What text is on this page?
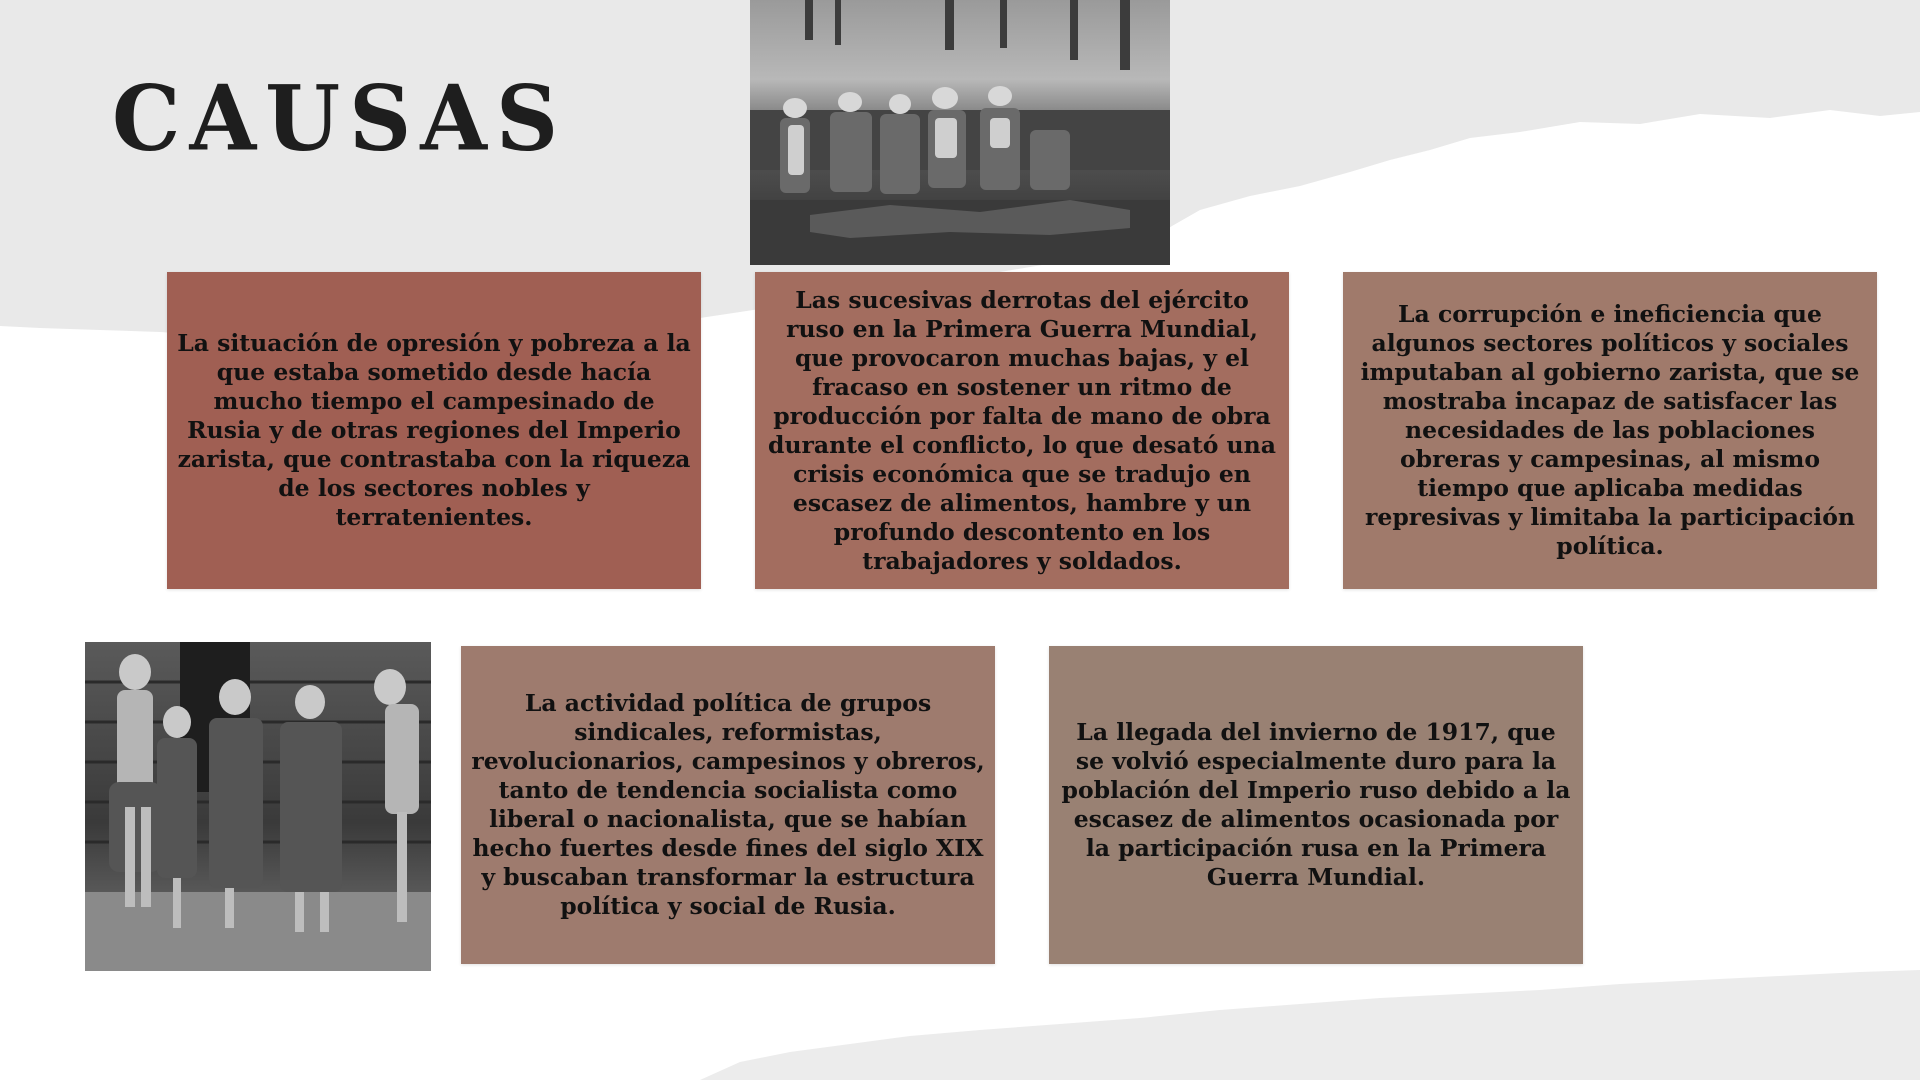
CAUSAS

La situación de opresión y pobreza a la que estaba sometido desde hacía mucho tiempo el campesinado de Rusia y de otras regiones del Imperio zarista, que contrastaba con la riqueza de los sectores nobles y terratenientes.

Las sucesivas derrotas del ejército ruso en la Primera Guerra Mundial, que provocaron muchas bajas, y el fracaso en sostener un ritmo de producción por falta de mano de obra durante el conflicto, lo que desató una crisis económica que se tradujo en escasez de alimentos, hambre y un profundo descontento en los trabajadores y soldados.

La corrupción e ineficiencia que algunos sectores políticos y sociales imputaban al gobierno zarista, que se mostraba incapaz de satisfacer las necesidades de las poblaciones obreras y campesinas, al mismo tiempo que aplicaba medidas represivas y limitaba la participación política.

La actividad política de grupos sindicales, reformistas, revolucionarios, campesinos y obreros, tanto de tendencia socialista como liberal o nacionalista, que se habían hecho fuertes desde fines del siglo XIX y buscaban transformar la estructura política y social de Rusia.

La llegada del invierno de 1917, que se volvió especialmente duro para la población del Imperio ruso debido a la escasez de alimentos ocasionada por la participación rusa en la Primera Guerra Mundial.
